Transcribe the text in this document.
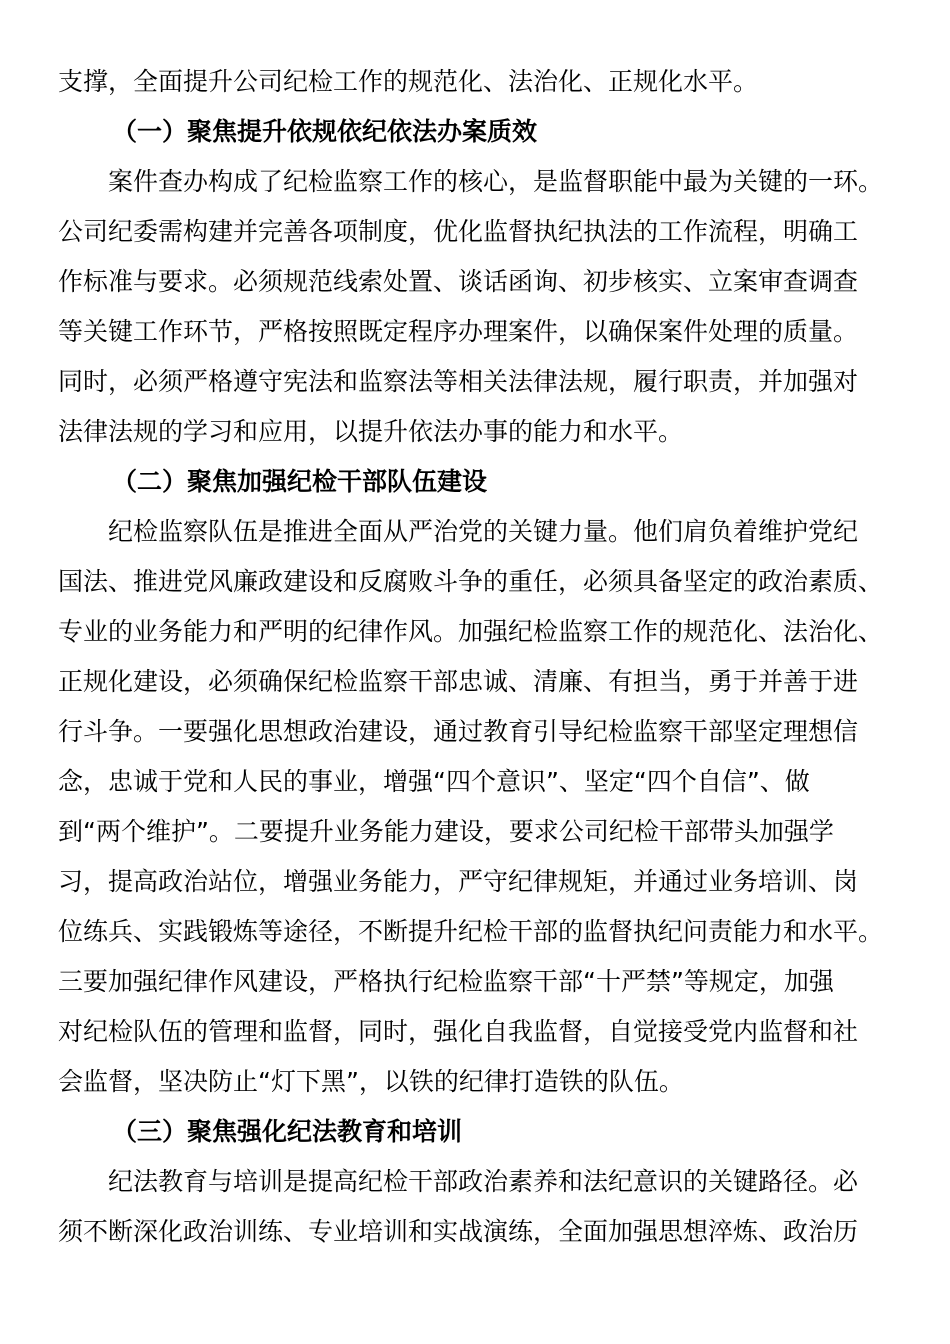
支撑，全面提升公司纪检工作的规范化、法治化、正规化水平。
（一）聚焦提升依规依纪依法办案质效
案件查办构成了纪检监察工作的核心，是监督职能中最为关键的一环。
公司纪委需构建并完善各项制度，优化监督执纪执法的工作流程，明确工
作标准与要求。必须规范线索处置、谈话函询、初步核实、立案审查调查
等关键工作环节，严格按照既定程序办理案件，以确保案件处理的质量。
同时，必须严格遵守宪法和监察法等相关法律法规，履行职责，并加强对
法律法规的学习和应用，以提升依法办事的能力和水平。
（二）聚焦加强纪检干部队伍建设
纪检监察队伍是推进全面从严治党的关键力量。他们肩负着维护党纪
国法、推进党风廉政建设和反腐败斗争的重任，必须具备坚定的政治素质、
专业的业务能力和严明的纪律作风。加强纪检监察工作的规范化、法治化、
正规化建设，必须确保纪检监察干部忠诚、清廉、有担当，勇于并善于进
行斗争。一要强化思想政治建设，通过教育引导纪检监察干部坚定理想信
念，忠诚于党和人民的事业，增强“四个意识”、坚定“四个自信”、做
到“两个维护”。二要提升业务能力建设，要求公司纪检干部带头加强学
习，提高政治站位，增强业务能力，严守纪律规矩，并通过业务培训、岗
位练兵、实践锻炼等途径，不断提升纪检干部的监督执纪问责能力和水平。
三要加强纪律作风建设，严格执行纪检监察干部“十严禁”等规定，加强
对纪检队伍的管理和监督，同时，强化自我监督，自觉接受党内监督和社
会监督，坚决防止“灯下黑”，以铁的纪律打造铁的队伍。
（三）聚焦强化纪法教育和培训
纪法教育与培训是提高纪检干部政治素养和法纪意识的关键路径。必
须不断深化政治训练、专业培训和实战演练，全面加强思想淬炼、政治历
